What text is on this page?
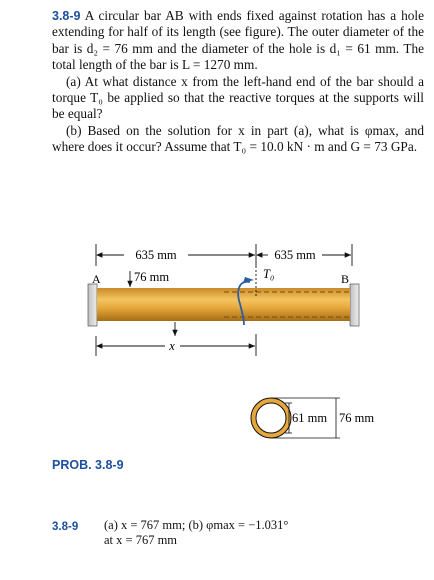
3.8-9 A circular bar AB with ends fixed against rotation has a hole extending for half of its length (see figure). The outer diameter of the bar is d₂ = 76 mm and the diameter of the hole is d₁ = 61 mm. The total length of the bar is L = 1270 mm.

(a) At what distance x from the left-hand end of the bar should a torque T₀ be applied so that the reactive torques at the supports will be equal?

(b) Based on the solution for x in part (a), what is φmax, and where does it occur? Assume that T₀ = 10.0 kN · m and G = 73 GPa.

635 mm	635 mm
A	B
76 mm	T₀
x
61 mm 76 mm
PROB. 3.8-9
3.8-9 (a) x = 767 mm; (b) φmax = −1.031°

at x = 767 mm
